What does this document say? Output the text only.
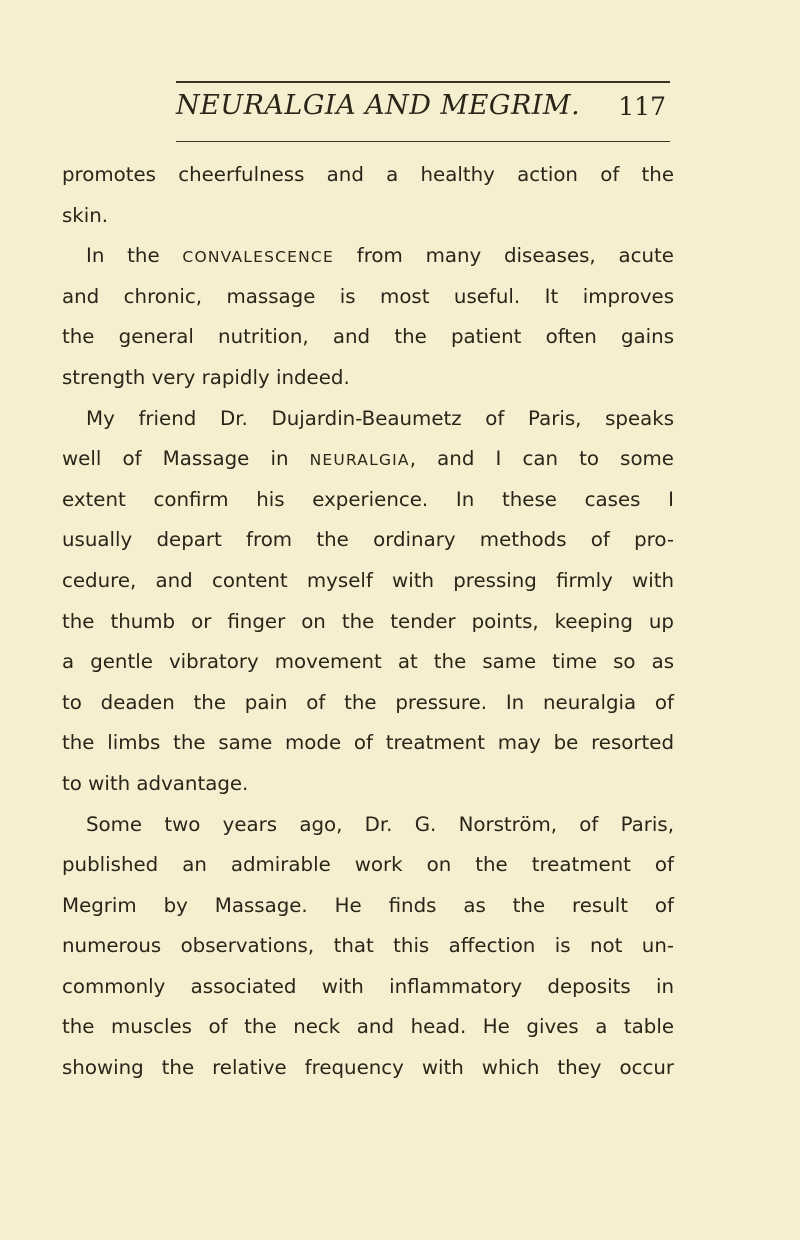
NEURALGIA AND MEGRIM. 117
promotes cheerfulness and a healthy action of the
skin.
In the CONVALESCENCE from many diseases, acute
and chronic, massage is most useful. It improves
the general nutrition, and the patient often gains
strength very rapidly indeed.
My friend Dr. Dujardin-Beaumetz of Paris, speaks
well of Massage in NEURALGIA, and I can to some
extent confirm his experience. In these cases I
usually depart from the ordinary methods of pro-
cedure, and content myself with pressing firmly with
the thumb or finger on the tender points, keeping up
a gentle vibratory movement at the same time so as
to deaden the pain of the pressure. In neuralgia of
the limbs the same mode of treatment may be resorted
to with advantage.
Some two years ago, Dr. G. Norström, of Paris,
published an admirable work on the treatment of
Megrim by Massage. He finds as the result of
numerous observations, that this affection is not un-
commonly associated with inflammatory deposits in
the muscles of the neck and head. He gives a table
showing the relative frequency with which they occur
